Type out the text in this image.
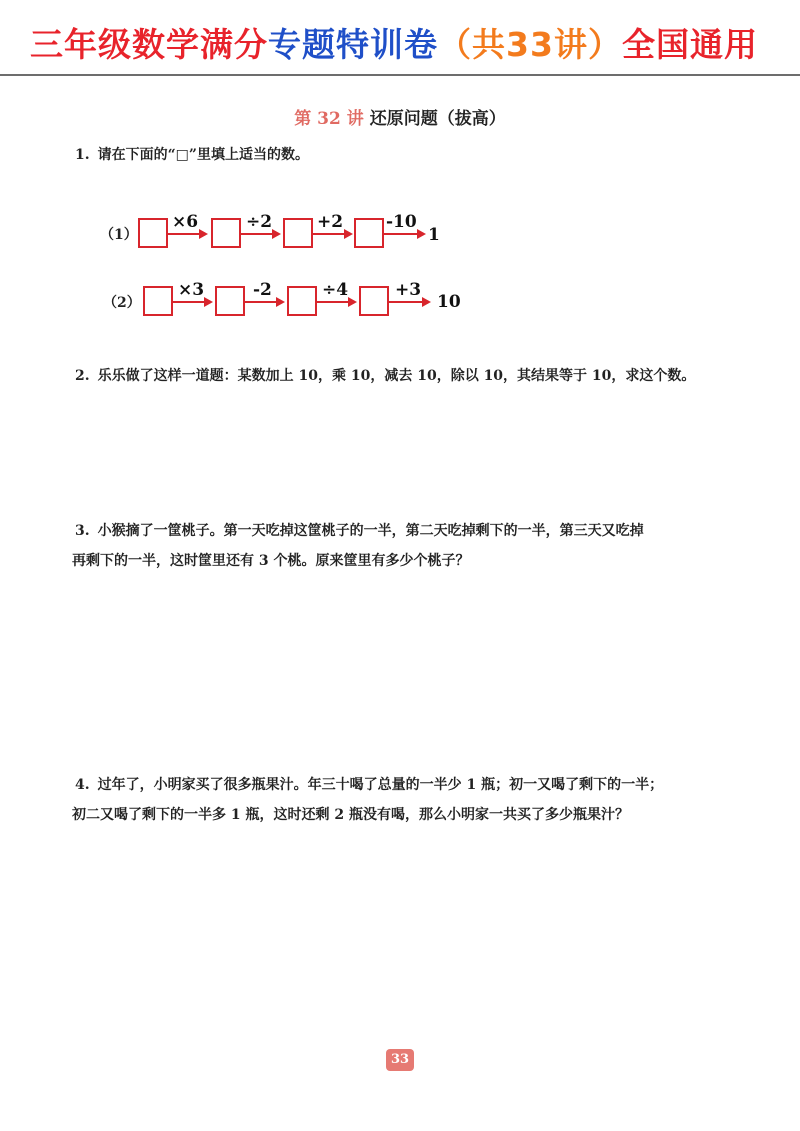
三年级数学满分专题特训卷（共33讲）全国通用
第 32 讲 还原问题（拔高）
1. 请在下面的“□”里填上适当的数。
（1）
×6	÷2	+2	-10
1
（2）
×3	-2	÷4	+3
10
2. 乐乐做了这样一道题：某数加上 10，乘 10，减去 10，除以 10，其结果等于 10，求这个数。
3. 小猴摘了一筐桃子。第一天吃掉这筐桃子的一半，第二天吃掉剩下的一半，第三天又吃掉
再剩下的一半，这时筐里还有 3 个桃。原来筐里有多少个桃子？
4. 过年了，小明家买了很多瓶果汁。年三十喝了总量的一半少 1 瓶；初一又喝了剩下的一半；
初二又喝了剩下的一半多 1 瓶，这时还剩 2 瓶没有喝，那么小明家一共买了多少瓶果汁？
33
